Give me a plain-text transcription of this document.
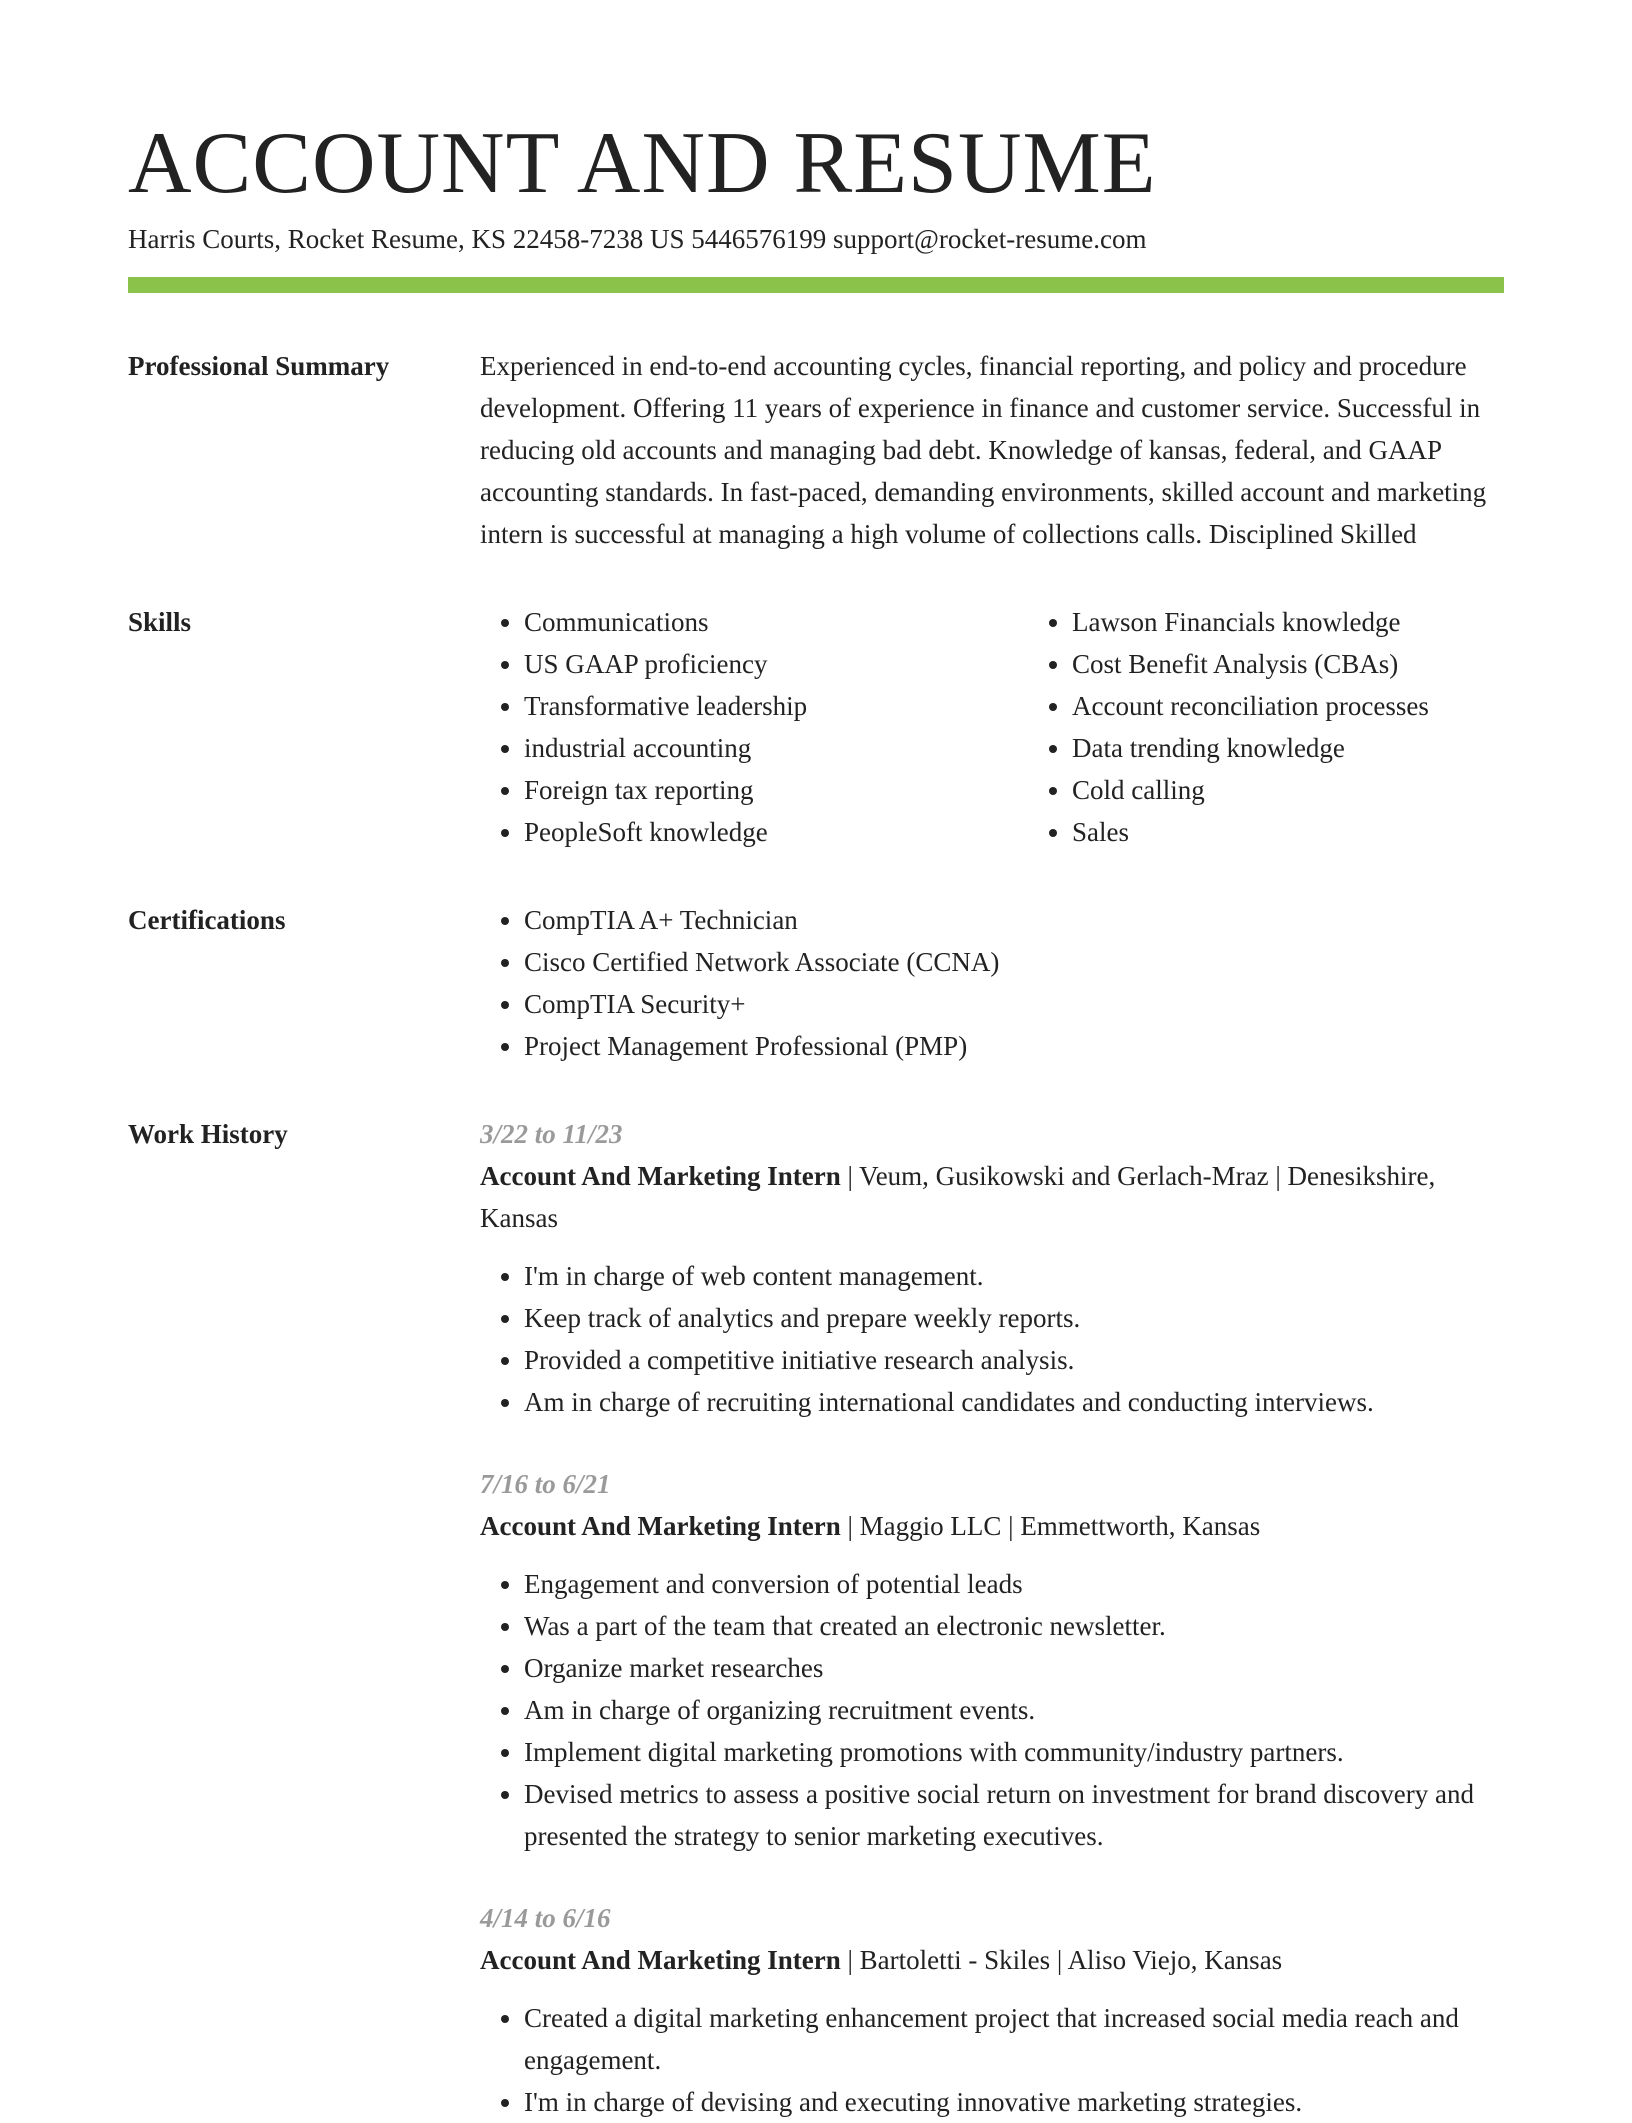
ACCOUNT AND RESUME
Harris Courts, Rocket Resume, KS 22458-7238 US 5446576199 support@rocket-resume.com
Professional Summary	Experienced in end-to-end accounting cycles, financial reporting, and policy and procedure development. Offering 11 years of experience in finance and customer service. Successful in reducing old accounts and managing bad debt. Knowledge of kansas, federal, and GAAP accounting standards. In fast-paced, demanding environments, skilled account and marketing intern is successful at managing a high volume of collections calls. Disciplined Skilled

Skills	• Communications
• US GAAP proficiency
• Transformative leadership
• industrial accounting
• Foreign tax reporting
• PeopleSoft knowledge
• Lawson Financials knowledge
• Cost Benefit Analysis (CBAs)
• Account reconciliation processes
• Data trending knowledge
• Cold calling
• Sales
Certifications	• CompTIA A+ Technician
• Cisco Certified Network Associate (CCNA)
• CompTIA Security+
• Project Management Professional (PMP)
Work History	3/22 to 11/23
Account And Marketing Intern | Veum, Gusikowski and Gerlach-Mraz | Denesikshire, Kansas
• I'm in charge of web content management.
• Keep track of analytics and prepare weekly reports.
• Provided a competitive initiative research analysis.
• Am in charge of recruiting international candidates and conducting interviews.
7/16 to 6/21
Account And Marketing Intern | Maggio LLC | Emmettworth, Kansas
• Engagement and conversion of potential leads
• Was a part of the team that created an electronic newsletter.
• Organize market researches
• Am in charge of organizing recruitment events.
• Implement digital marketing promotions with community/industry partners.
• Devised metrics to assess a positive social return on investment for brand discovery and presented the strategy to senior marketing executives.
4/14 to 6/16
Account And Marketing Intern | Bartoletti - Skiles | Aliso Viejo, Kansas
• Created a digital marketing enhancement project that increased social media reach and engagement.
• I'm in charge of devising and executing innovative marketing strategies.
